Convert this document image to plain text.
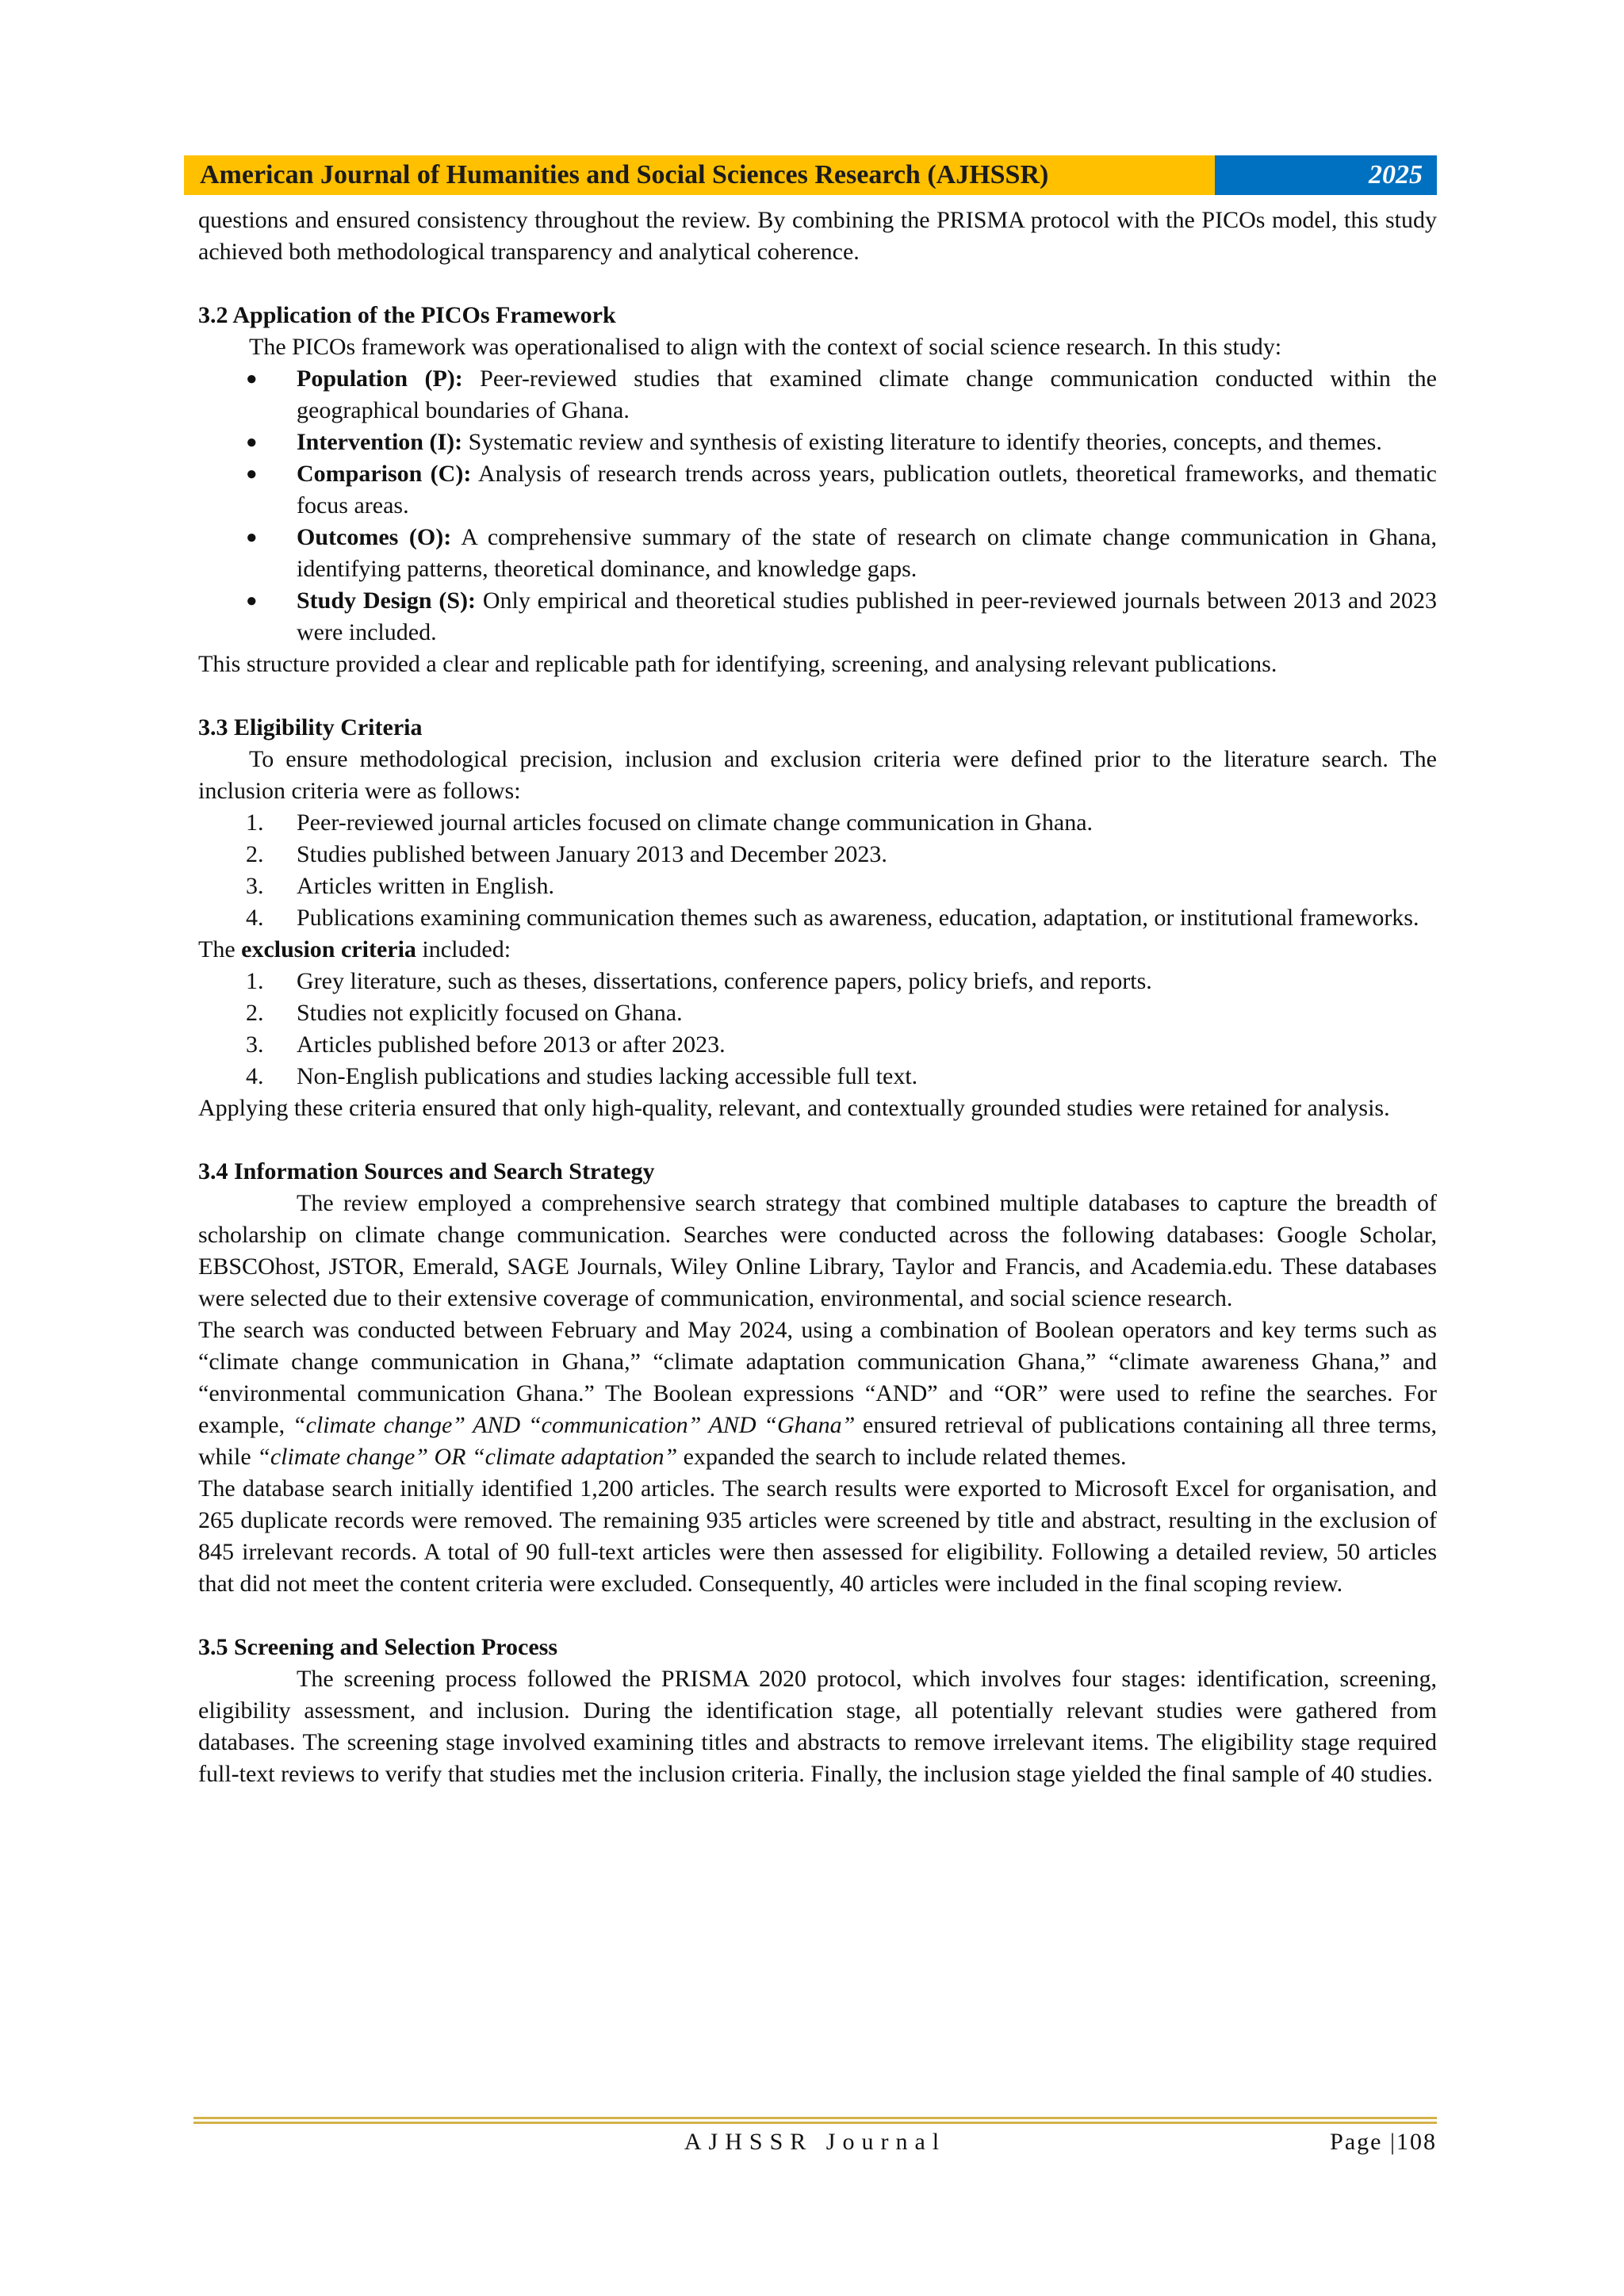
American Journal of Humanities and Social Sciences Research (AJHSSR)	2025

questions and ensured consistency throughout the review. By combining the PRISMA protocol with the PICOs model, this study achieved both methodological transparency and analytical coherence.

3.2 Application of the PICOs Framework

The PICOs framework was operationalised to align with the context of social science research. In this study:

● Population (P): Peer-reviewed studies that examined climate change communication conducted within the geographical boundaries of Ghana.
● Intervention (I): Systematic review and synthesis of existing literature to identify theories, concepts, and themes.
● Comparison (C): Analysis of research trends across years, publication outlets, theoretical frameworks, and thematic focus areas.
● Outcomes (O): A comprehensive summary of the state of research on climate change communication in Ghana, identifying patterns, theoretical dominance, and knowledge gaps.
● Study Design (S): Only empirical and theoretical studies published in peer-reviewed journals between 2013 and 2023 were included.

This structure provided a clear and replicable path for identifying, screening, and analysing relevant publications.

3.3 Eligibility Criteria

To ensure methodological precision, inclusion and exclusion criteria were defined prior to the literature search. The inclusion criteria were as follows:

1. Peer-reviewed journal articles focused on climate change communication in Ghana.
2. Studies published between January 2013 and December 2023.
3. Articles written in English.
4. Publications examining communication themes such as awareness, education, adaptation, or institutional frameworks.

The exclusion criteria included:

1. Grey literature, such as theses, dissertations, conference papers, policy briefs, and reports.
2. Studies not explicitly focused on Ghana.
3. Articles published before 2013 or after 2023.
4. Non-English publications and studies lacking accessible full text.

Applying these criteria ensured that only high-quality, relevant, and contextually grounded studies were retained for analysis.

3.4 Information Sources and Search Strategy

The review employed a comprehensive search strategy that combined multiple databases to capture the breadth of scholarship on climate change communication. Searches were conducted across the following databases: Google Scholar, EBSCOhost, JSTOR, Emerald, SAGE Journals, Wiley Online Library, Taylor and Francis, and Academia.edu. These databases were selected due to their extensive coverage of communication, environmental, and social science research.

The search was conducted between February and May 2024, using a combination of Boolean operators and key terms such as “climate change communication in Ghana,” “climate adaptation communication Ghana,” “climate awareness Ghana,” and “environmental communication Ghana.” The Boolean expressions “AND” and “OR” were used to refine the searches. For example, “climate change” AND “communication” AND “Ghana” ensured retrieval of publications containing all three terms, while “climate change” OR “climate adaptation” expanded the search to include related themes.

The database search initially identified 1,200 articles. The search results were exported to Microsoft Excel for organisation, and 265 duplicate records were removed. The remaining 935 articles were screened by title and abstract, resulting in the exclusion of 845 irrelevant records. A total of 90 full-text articles were then assessed for eligibility. Following a detailed review, 50 articles that did not meet the content criteria were excluded. Consequently, 40 articles were included in the final scoping review.

3.5 Screening and Selection Process

The screening process followed the PRISMA 2020 protocol, which involves four stages: identification, screening, eligibility assessment, and inclusion. During the identification stage, all potentially relevant studies were gathered from databases. The screening stage involved examining titles and abstracts to remove irrelevant items. The eligibility stage required full-text reviews to verify that studies met the inclusion criteria. Finally, the inclusion stage yielded the final sample of 40 studies.

AJHSSR Journal	Page |108
